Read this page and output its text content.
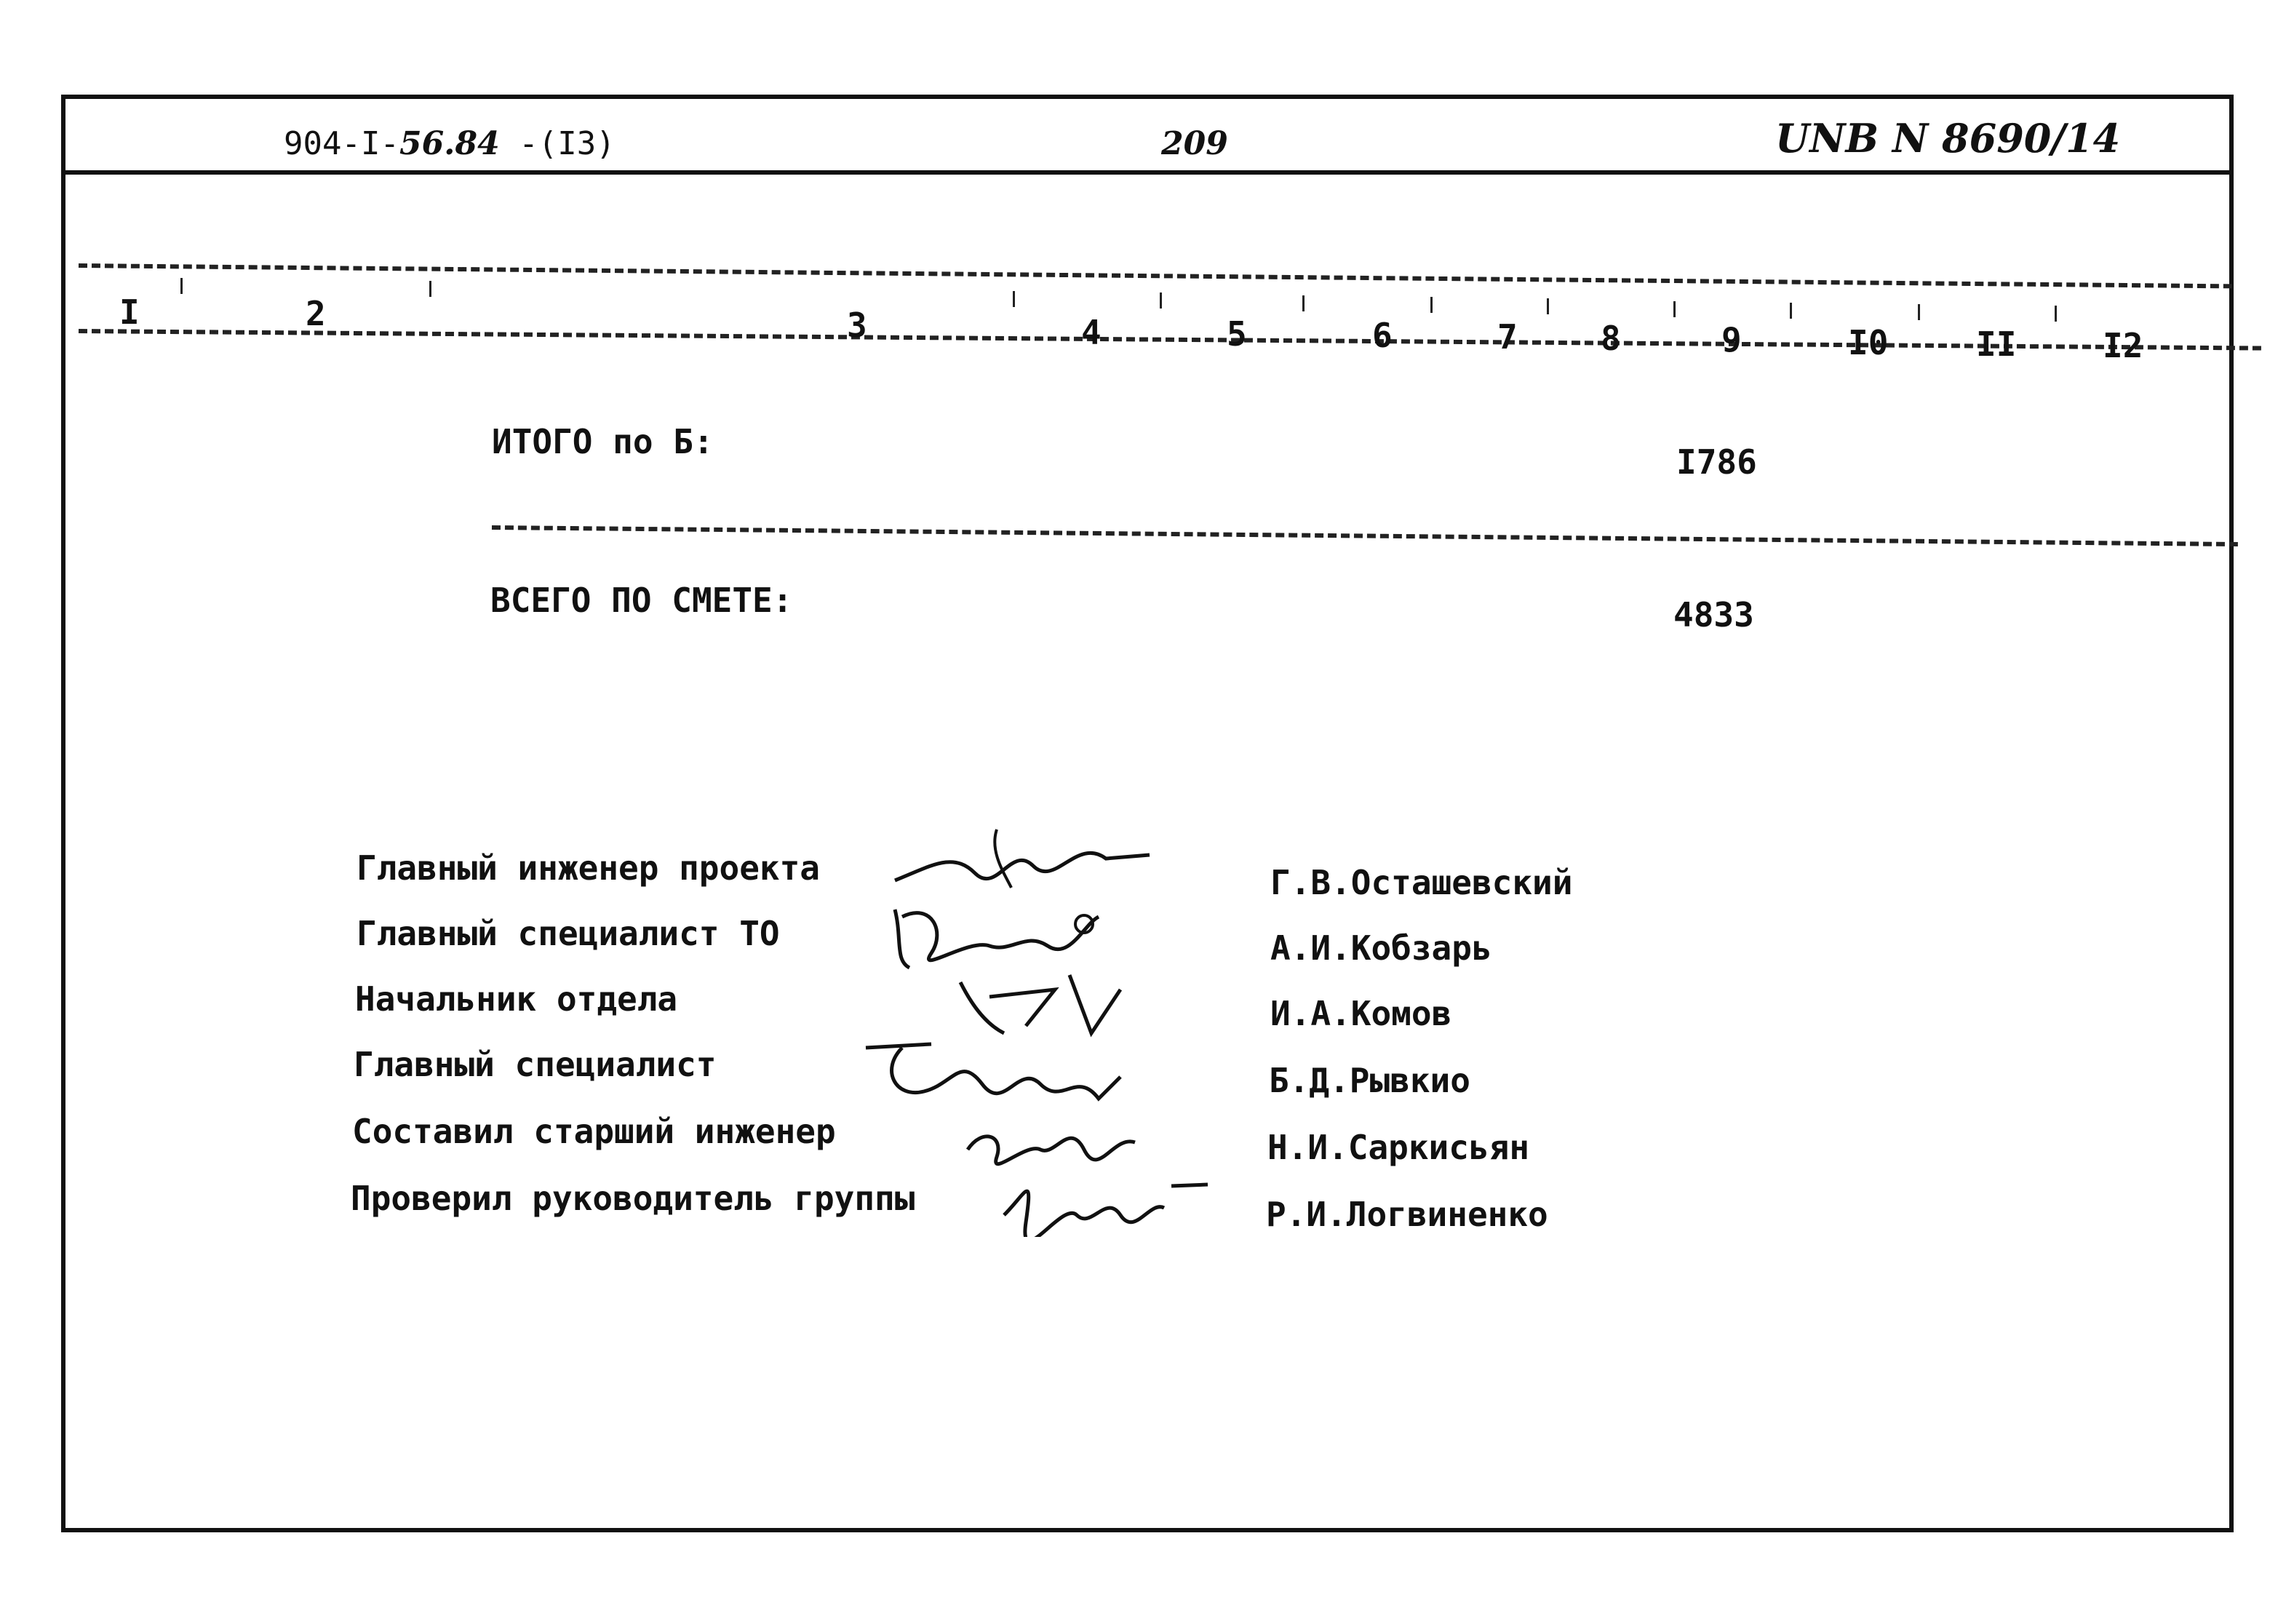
904-I-56.84 -(I3)	209	UNB N 8690/14
I	2	3	4	5	6	7 8	9	I0	II	I2
ИТОГО по Б:
I786
ВСЕГО ПО СМЕТЕ:	4833
Главный инженер проекта	Г.В.Осташевский
Главный специалист ТО	А.И.Кобзарь
Начальник отдела	И.А.Комов
Главный специалист	Б.Д.Рывкио
Составил старший инженер	Н.И.Саркисьян
Проверил руководитель группы	Р.И.Логвиненко
